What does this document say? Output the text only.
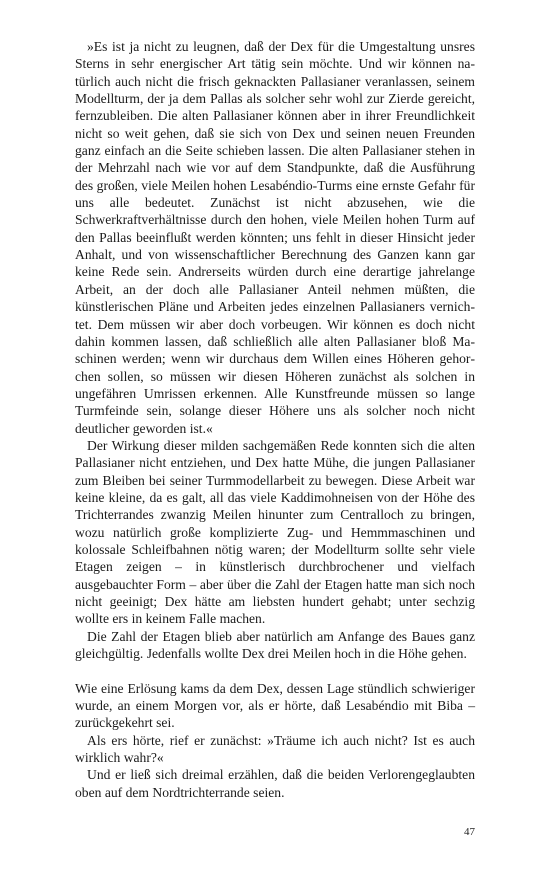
»Es ist ja nicht zu leugnen, daß der Dex für die Umgestaltung unsres Sterns in sehr energischer Art tätig sein möchte. Und wir können natürlich auch nicht die frisch geknackten Pallasianer veranlassen, seinem Modellturm, der ja dem Pallas als solcher sehr wohl zur Zierde gereicht, fernzubleiben. Die alten Pallasianer können aber in ihrer Freundlichkeit nicht so weit gehen, daß sie sich von Dex und seinen neuen Freunden ganz einfach an die Seite schieben lassen. Die alten Pallasianer stehen in der Mehrzahl nach wie vor auf dem Standpunkte, daß die Ausführung des großen, viele Meilen hohen Lesabéndio-Turms eine ernste Gefahr für uns alle bedeutet. Zunächst ist nicht abzusehen, wie die Schwerkraftverhältnisse durch den hohen, viele Meilen hohen Turm auf den Pallas beeinflußt werden könnten; uns fehlt in dieser Hinsicht jeder Anhalt, und von wissenschaftlicher Berechnung des Ganzen kann gar keine Rede sein. Andrerseits würden durch eine derartige jahrelange Arbeit, an der doch alle Pallasianer Anteil nehmen müßten, die künstlerischen Pläne und Arbeiten jedes einzelnen Pallasianers vernichtet. Dem müssen wir aber doch vorbeugen. Wir können es doch nicht dahin kommen lassen, daß schließlich alle alten Pallasianer bloß Maschinen werden; wenn wir durchaus dem Willen eines Höheren gehorchen sollen, so müssen wir diesen Höheren zunächst als solchen in ungefähren Umrissen erkennen. Alle Kunstfreunde müssen so lange Turmfeinde sein, solange dieser Höhere uns als solcher noch nicht deutlicher geworden ist.«

Der Wirkung dieser milden sachgemäßen Rede konnten sich die alten Pallasianer nicht entziehen, und Dex hatte Mühe, die jungen Pallasianer zum Bleiben bei seiner Turmmodellarbeit zu bewegen. Diese Arbeit war keine kleine, da es galt, all das viele Kaddimohneisen von der Höhe des Trichterrandes zwanzig Meilen hinunter zum Centralloch zu bringen, wozu natürlich große komplizierte Zug- und Hemmmaschinen und kolossale Schleifbahnen nötig waren; der Modellturm sollte sehr viele Etagen zeigen – in künstlerisch durchbrochener und vielfach ausgebauchter Form – aber über die Zahl der Etagen hatte man sich noch nicht geeinigt; Dex hätte am liebsten hundert gehabt; unter sechzig wollte ers in keinem Falle machen.

Die Zahl der Etagen blieb aber natürlich am Anfange des Baues ganz gleichgültig. Jedenfalls wollte Dex drei Meilen hoch in die Höhe gehen.

Wie eine Erlösung kams da dem Dex, dessen Lage stündlich schwieriger wurde, an einem Morgen vor, als er hörte, daß Lesabéndio mit Biba – zurückgekehrt sei.

Als ers hörte, rief er zunächst: »Träume ich auch nicht? Ist es auch wirklich wahr?«

Und er ließ sich dreimal erzählen, daß die beiden Verlorengeglaubten oben auf dem Nordtrichterrande seien.

47
